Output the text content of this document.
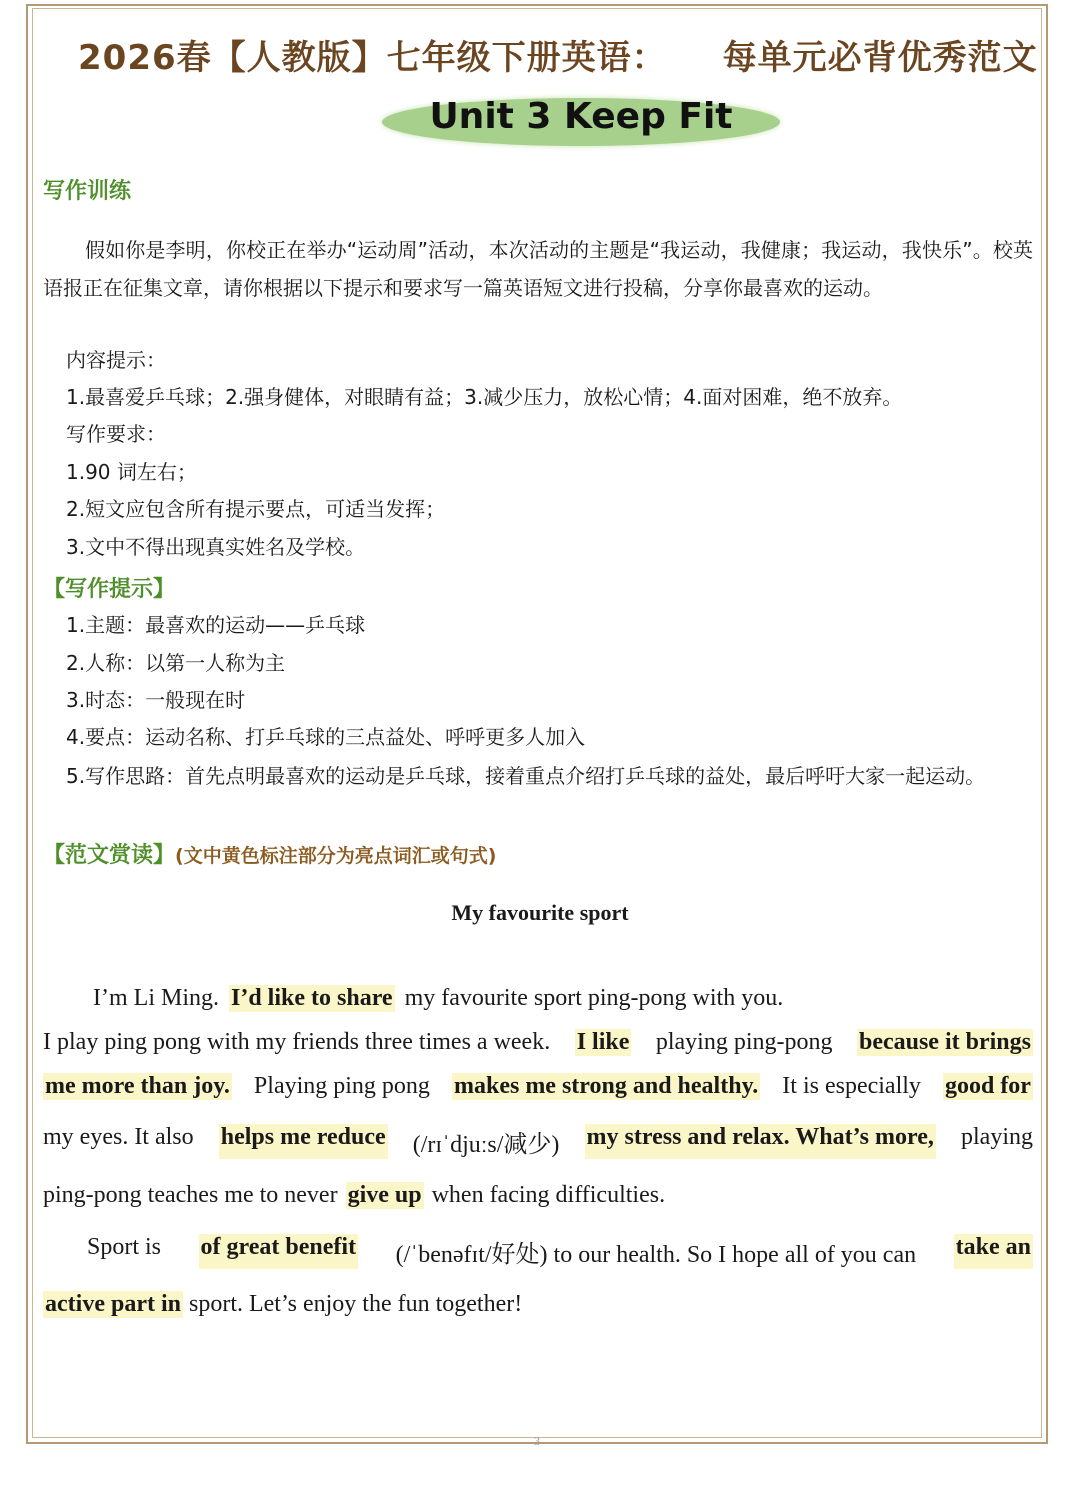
2026春【人教版】七年级下册英语： 每单元必背优秀范文
Unit 3 Keep Fit
写作训练
假如你是李明，你校正在举办“运动周”活动，本次活动的主题是“我运动，我健康；我运动，我快乐”。校英语报正在征集文章，请你根据以下提示和要求写一篇英语短文进行投稿，分享你最喜欢的运动。
内容提示：
1.最喜爱乒乓球；2.强身健体，对眼睛有益；3.减少压力，放松心情；4.面对困难，绝不放弃。
写作要求：
1.90 词左右；
2.短文应包含所有提示要点，可适当发挥；
3.文中不得出现真实姓名及学校。
【写作提示】
1.主题：最喜欢的运动——乒乓球
2.人称：以第一人称为主
3.时态：一般现在时
4.要点：运动名称、打乒乓球的三点益处、呼呼更多人加入
5.写作思路：首先点明最喜欢的运动是乒乓球，接着重点介绍打乒乓球的益处，最后呼吁大家一起运动。
【范文赏读】(文中黄色标注部分为亮点词汇或句式)
My favourite sport
I’m Li Ming. I’d like to share my favourite sport ping-pong with you.
I play ping pong with my friends three times a week. I like playing ping-pong because it brings
me more than joy. Playing ping pong makes me strong and healthy. It is especially good for
my eyes. It also helps me reduce (/rɪˈdjuːs/减少) my stress and relax. What’s more, playing
ping-pong teaches me to never give up when facing difficulties.
Sport is of great benefit (/ˈbenəfɪt/好处) to our health. So I hope all of you can take an
active part in sport. Let’s enjoy the fun together!
3
